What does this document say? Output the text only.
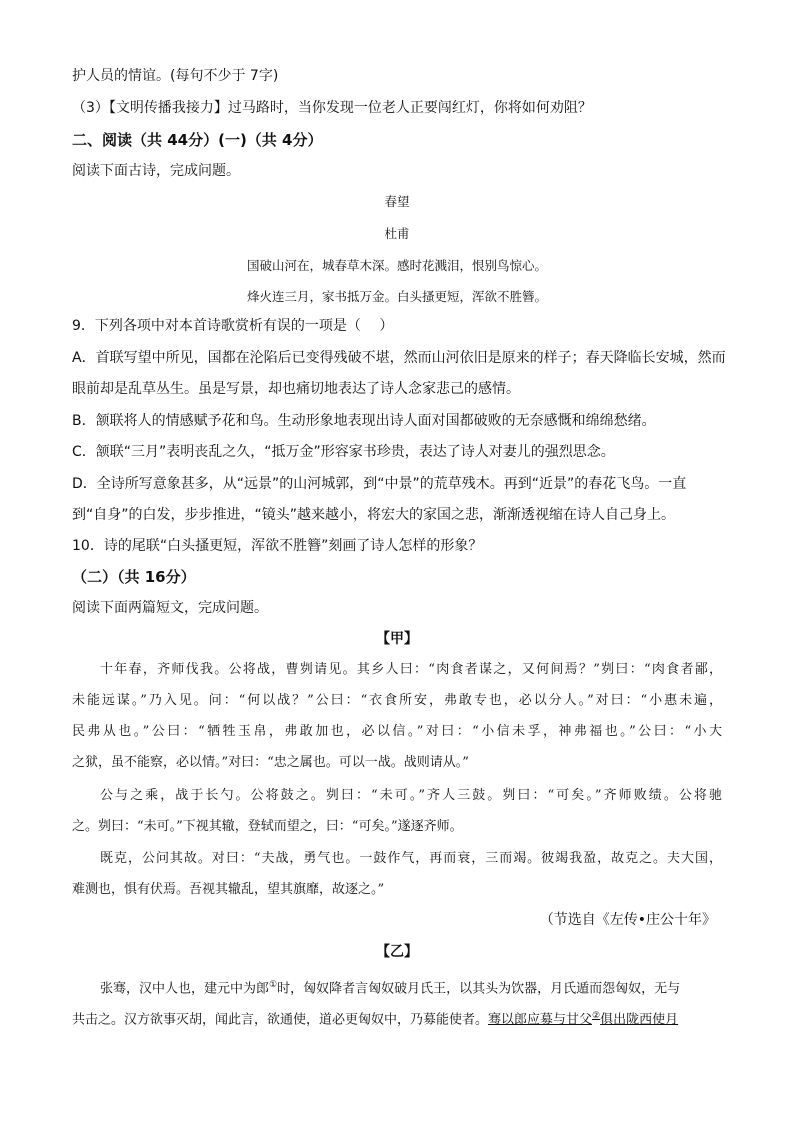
护人员的情谊。(每句不少于 7字)
（3）【文明传播我接力】过马路时，当你发现一位老人正要闯红灯，你将如何劝阻？
二、阅读（共 44分）(一)（共 4分）
阅读下面古诗，完成问题。
春望
杜甫
国破山河在，城春草木深。感时花溅泪，恨别鸟惊心。
烽火连三月，家书抵万金。白头搔更短，浑欲不胜簪。
9．下列各项中对本首诗歌赏析有误的一项是（　 ）
A．首联写望中所见，国都在沦陷后已变得残破不堪，然而山河依旧是原来的样子；春天降临长安城，然而
眼前却是乱草丛生。虽是写景，却也痛切地表达了诗人念家悲己的感情。
B．颔联将人的情感赋予花和鸟。生动形象地表现出诗人面对国都破败的无奈感慨和绵绵愁绪。
C．颔联“三月”表明丧乱之久，“抵万金”形容家书珍贵，表达了诗人对妻儿的强烈思念。
D．全诗所写意象甚多，从“远景”的山河城郭，到“中景”的荒草残木。再到“近景”的春花飞鸟。一直
到“自身”的白发，步步推进，“镜头”越来越小，将宏大的家国之悲，渐渐透视缩在诗人自己身上。
10．诗的尾联“白头搔更短，浑欲不胜簪”刻画了诗人怎样的形象？
（二）（共 16分）
阅读下面两篇短文，完成问题。
【甲】
十年春，齐师伐我。公将战，曹刿请见。其乡人曰：“肉食者谋之，又何间焉？”刿曰：“肉食者鄙，
未能远谋。”乃入见。问：“何以战？”公曰：“衣食所安，弗敢专也，必以分人。”对曰：“小惠未遍，
民弗从也。”公曰：“牺牲玉帛，弗敢加也，必以信。”对曰：“小信未孚，神弗福也。”公曰：“小大
之狱，虽不能察，必以情。”对曰：“忠之属也。可以一战。战则请从。”
公与之乘，战于长勺。公将鼓之。刿曰：“未可。”齐人三鼓。刿曰：“可矣。”齐师败绩。公将驰
之。刿曰：“未可。”下视其辙，登轼而望之，曰：“可矣。”遂逐齐师。
既克，公问其故。对曰：“夫战，勇气也。一鼓作气，再而衰，三而竭。彼竭我盈，故克之。夫大国，
难测也，惧有伏焉。吾视其辙乱，望其旗靡，故逐之。”
（节选自《左传•庄公十年》
【乙】
张骞，汉中人也，建元中为郎①时，匈奴降者言匈奴破月氏王，以其头为饮器，月氏遁而怨匈奴，无与
共击之。汉方欲事灭胡，闻此言，欲通使，道必更匈奴中，乃募能使者。骞以郎应募与甘父②俱出陇西使月
